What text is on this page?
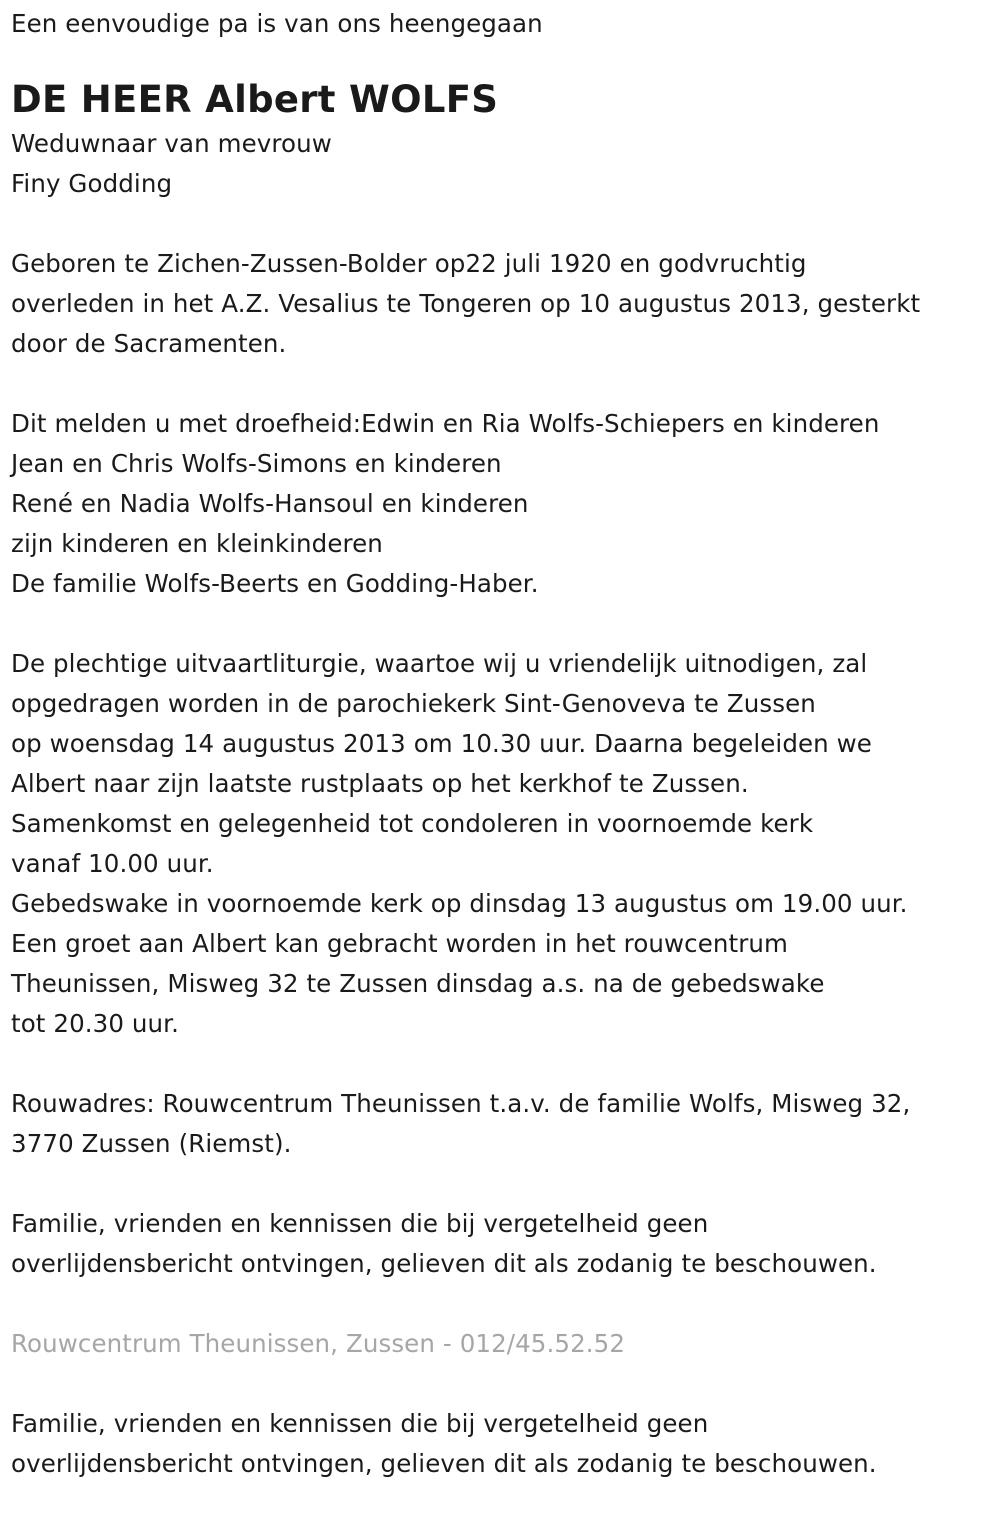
Een eenvoudige pa is van ons heengegaan
DE HEER Albert WOLFS
Weduwnaar van mevrouw
Finy Godding
Geboren te Zichen-Zussen-Bolder op22 juli 1920 en godvruchtig
overleden in het A.Z. Vesalius te Tongeren op 10 augustus 2013, gesterkt
door de Sacramenten.
Dit melden u met droefheid:Edwin en Ria Wolfs-Schiepers en kinderen
Jean en Chris Wolfs-Simons en kinderen
René en Nadia Wolfs-Hansoul en kinderen
zijn kinderen en kleinkinderen
De familie Wolfs-Beerts en Godding-Haber.
De plechtige uitvaartliturgie, waartoe wij u vriendelijk uitnodigen, zal
opgedragen worden in de parochiekerk Sint-Genoveva te Zussen
op woensdag 14 augustus 2013 om 10.30 uur. Daarna begeleiden we
Albert naar zijn laatste rustplaats op het kerkhof te Zussen.
Samenkomst en gelegenheid tot condoleren in voornoemde kerk
vanaf 10.00 uur.
Gebedswake in voornoemde kerk op dinsdag 13 augustus om 19.00 uur.
Een groet aan Albert kan gebracht worden in het rouwcentrum
Theunissen, Misweg 32 te Zussen dinsdag a.s. na de gebedswake
tot 20.30 uur.
Rouwadres: Rouwcentrum Theunissen t.a.v. de familie Wolfs, Misweg 32,
3770 Zussen (Riemst).
Familie, vrienden en kennissen die bij vergetelheid geen
overlijdensbericht ontvingen, gelieven dit als zodanig te beschouwen.
Rouwcentrum Theunissen, Zussen - 012/45.52.52
Familie, vrienden en kennissen die bij vergetelheid geen
overlijdensbericht ontvingen, gelieven dit als zodanig te beschouwen.
